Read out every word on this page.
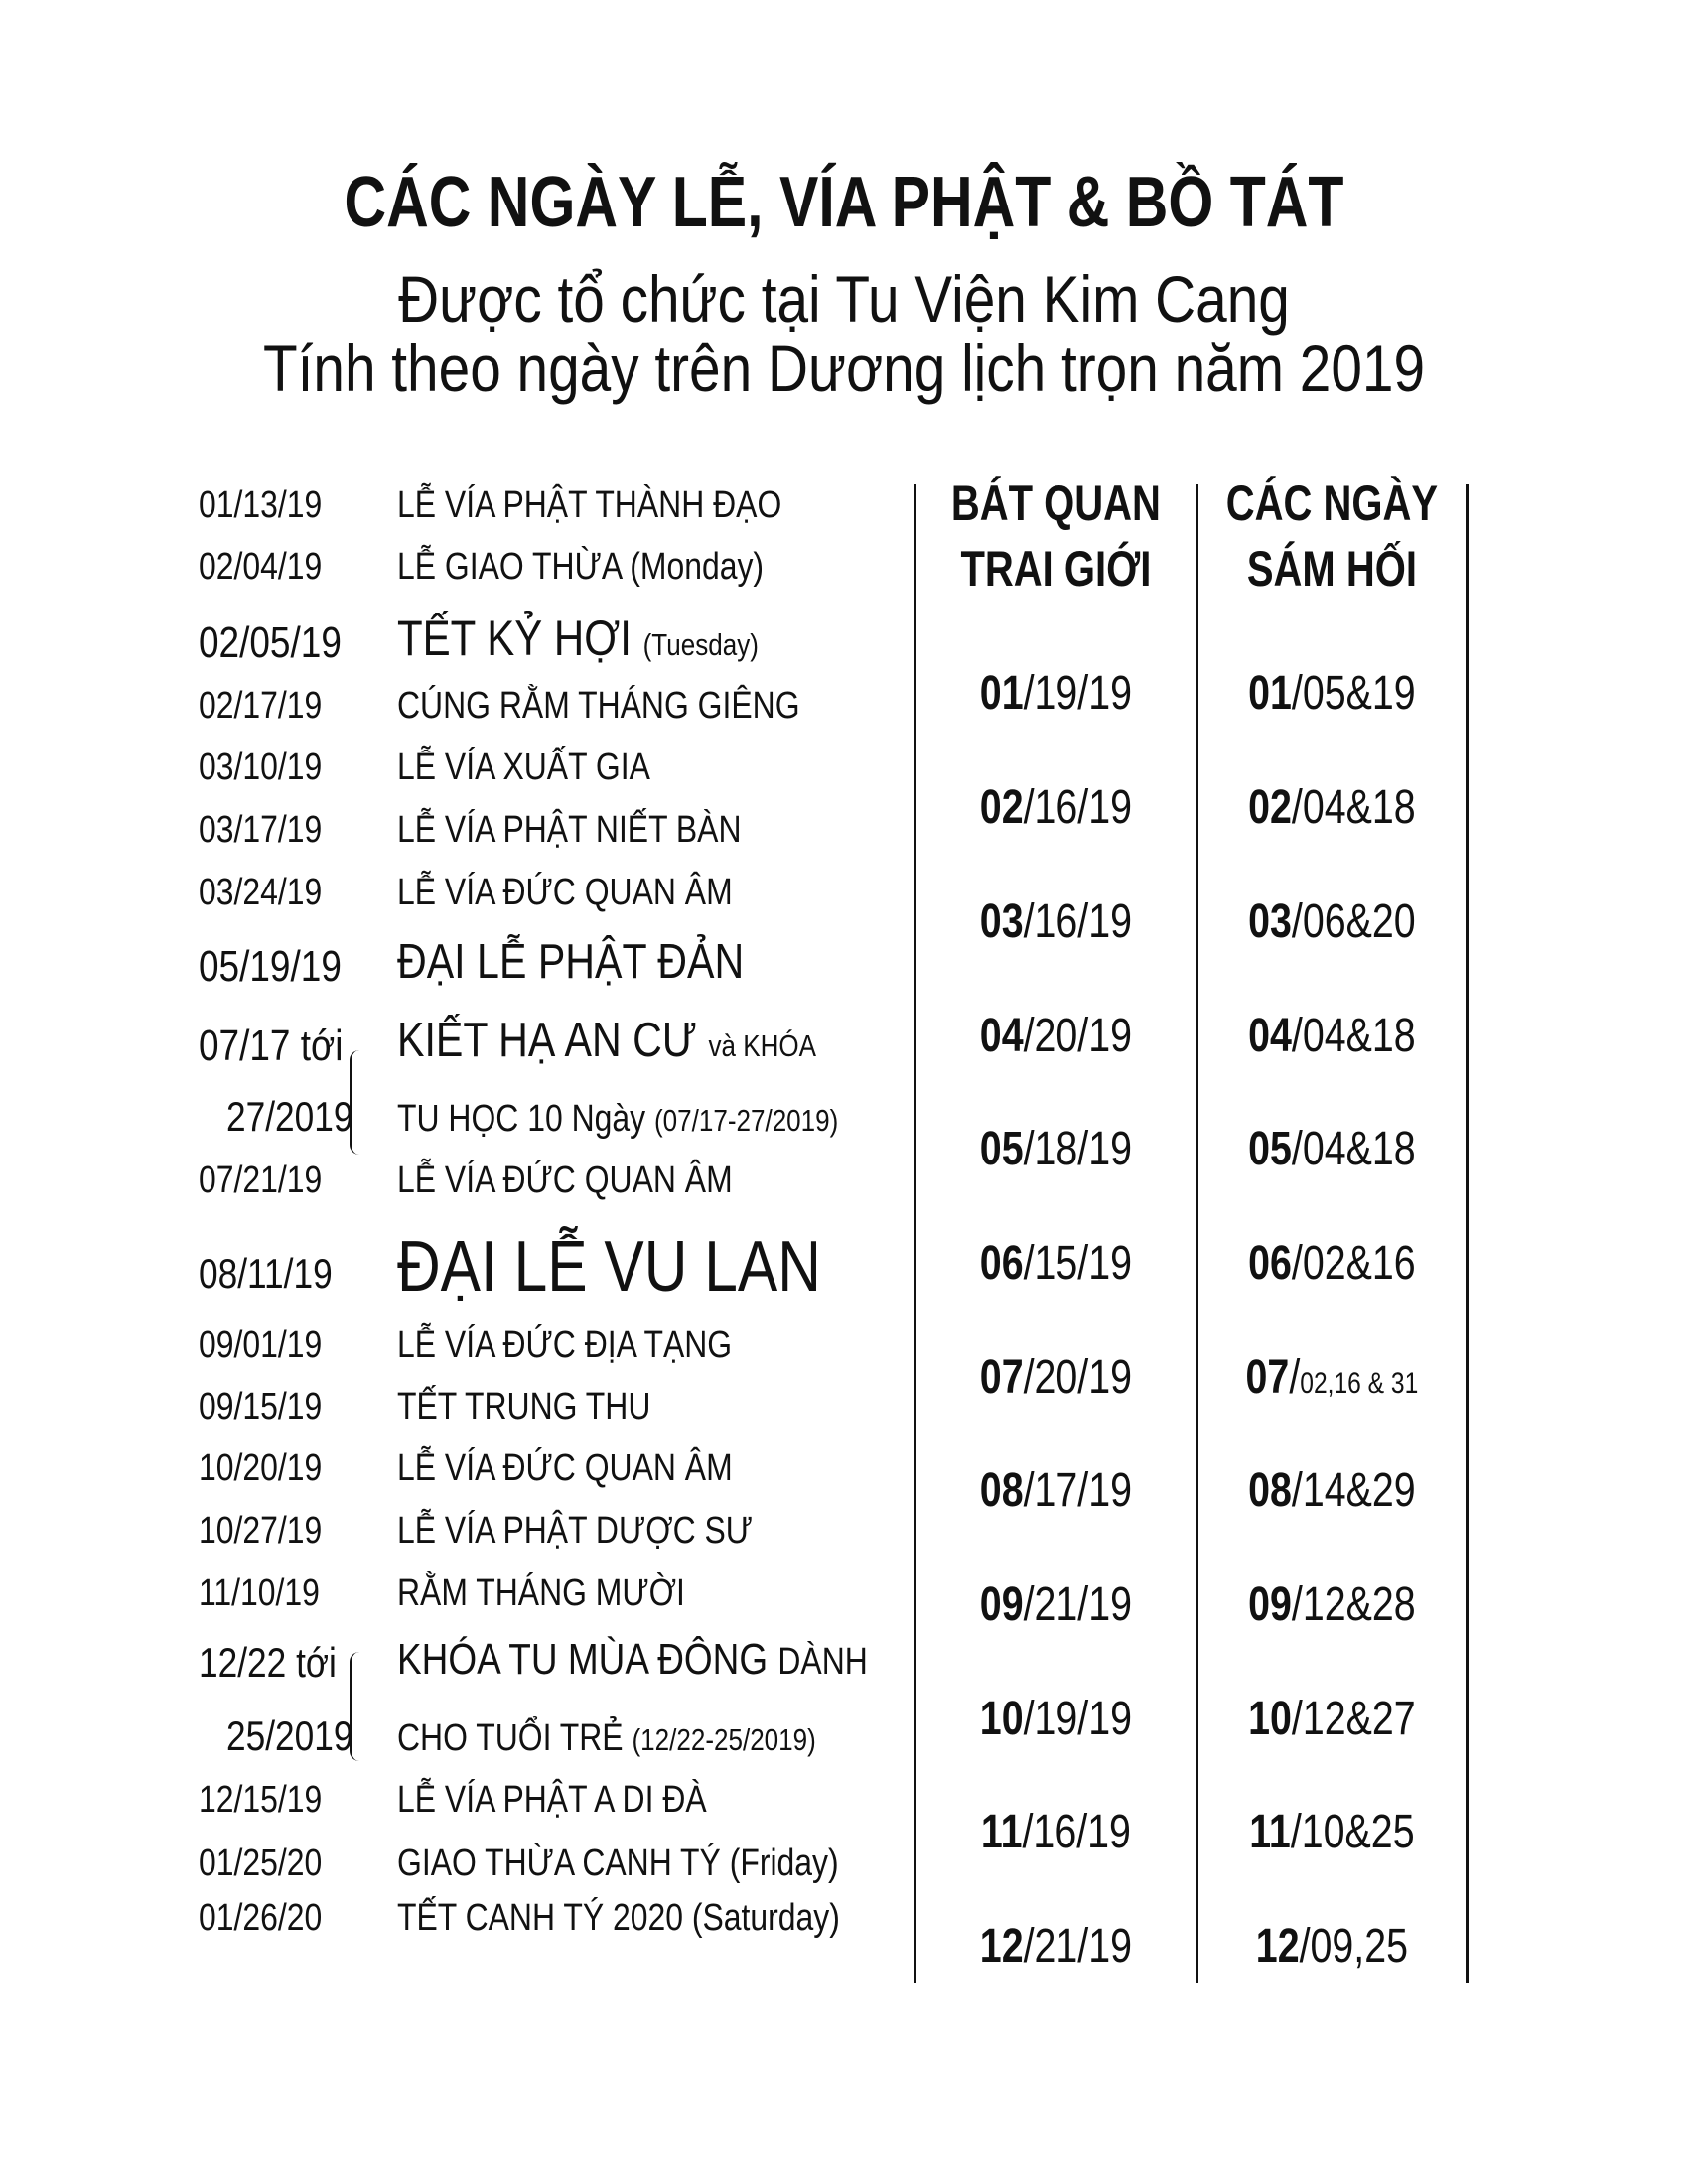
CÁC NGÀY LỄ, VÍA PHẬT & BỒ TÁT
Được tổ chức tại Tu Viện Kim Cang
Tính theo ngày trên Dương lịch trọn năm 2019
01/13/19 LỄ VÍA PHẬT THÀNH ĐẠO
02/04/19 LỄ GIAO THỪA (Monday)
02/05/19 TẾT KỶ HỢI (Tuesday)
02/17/19 CÚNG RẰM THÁNG GIÊNG
03/10/19 LỄ VÍA XUẤT GIA
03/17/19 LỄ VÍA PHẬT NIẾT BÀN
03/24/19 LỄ VÍA ĐỨC QUAN ÂM
05/19/19 ĐẠI LỄ PHẬT ĐẢN
07/17 tới KIẾT HẠ AN CƯ và KHÓA
27/2019 TU HỌC 10 Ngày (07/17-27/2019)
07/21/19 LỄ VÍA ĐỨC QUAN ÂM
08/11/19 ĐẠI LỄ VU LAN
09/01/19 LỄ VÍA ĐỨC ĐỊA TẠNG
09/15/19 TẾT TRUNG THU
10/20/19 LỄ VÍA ĐỨC QUAN ÂM
10/27/19 LỄ VÍA PHẬT DƯỢC SƯ
11/10/19 RẰM THÁNG MƯỜI
12/22 tới KHÓA TU MÙA ĐÔNG DÀNH
25/2019 CHO TUỔI TRẺ (12/22-25/2019)
12/15/19 LỄ VÍA PHẬT A DI ĐÀ
01/25/20 GIAO THỪA CANH TÝ (Friday)
01/26/20 TẾT CANH TÝ 2020 (Saturday)
BÁT QUAN
TRAI GIỚI
CÁC NGÀY
SÁM HỐI
01/19/19
02/16/19
03/16/19
04/20/19
05/18/19
06/15/19
07/20/19
08/17/19
09/21/19
10/19/19
11/16/19
12/21/19
01/05&19
02/04&18
03/06&20
04/04&18
05/04&18
06/02&16
07/02,16 & 31
08/14&29
09/12&28
10/12&27
11/10&25
12/09,25
